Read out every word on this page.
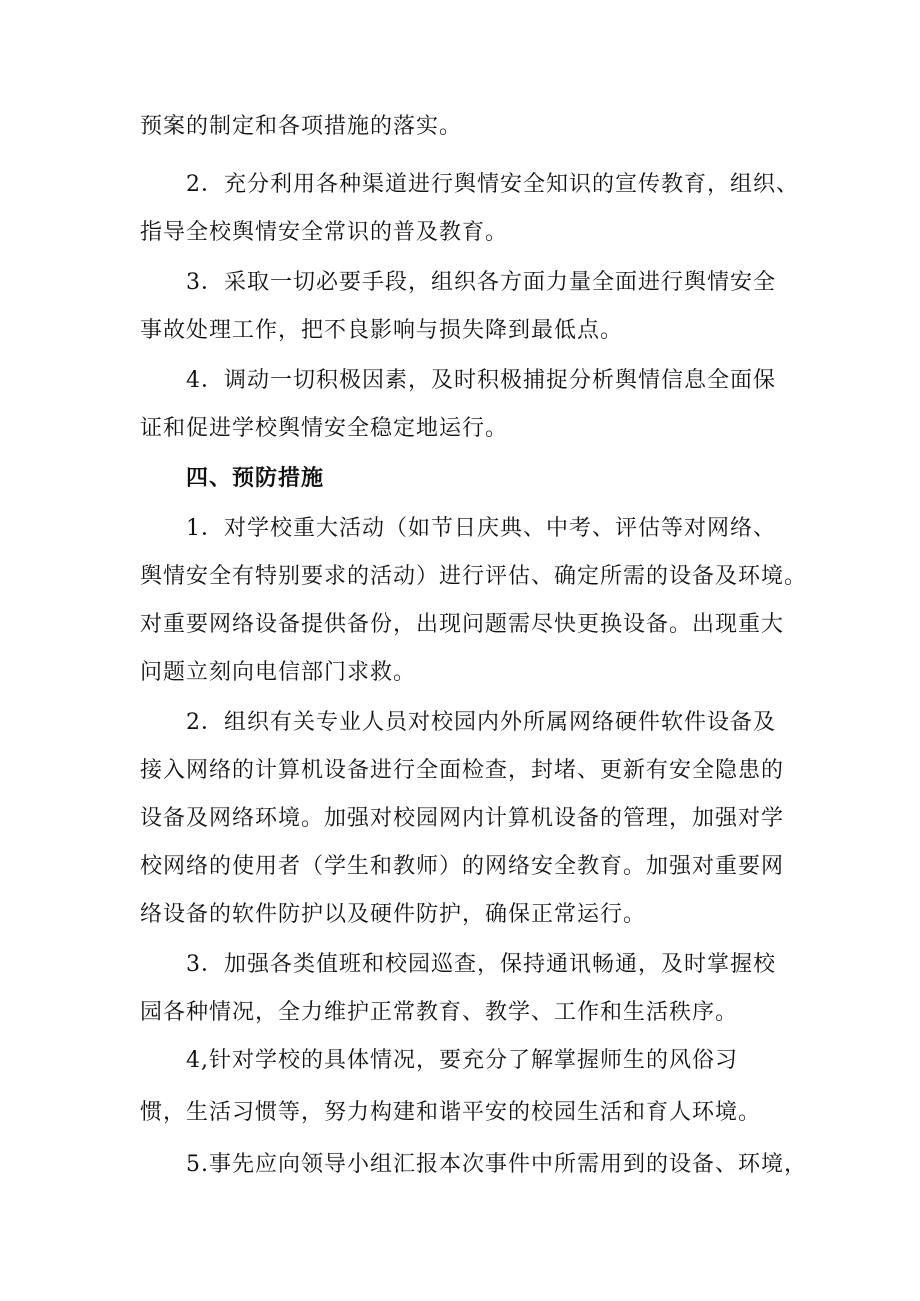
预案的制定和各项措施的落实。
2．充分利用各种渠道进行舆情安全知识的宣传教育，组织、
指导全校舆情安全常识的普及教育。
3．采取一切必要手段，组织各方面力量全面进行舆情安全
事故处理工作，把不良影响与损失降到最低点。
4．调动一切积极因素，及时积极捕捉分析舆情信息全面保
证和促进学校舆情安全稳定地运行。
四、预防措施
1．对学校重大活动（如节日庆典、中考、评估等对网络、
舆情安全有特别要求的活动）进行评估、确定所需的设备及环境。
对重要网络设备提供备份，出现问题需尽快更换设备。出现重大
问题立刻向电信部门求救。
2．组织有关专业人员对校园内外所属网络硬件软件设备及
接入网络的计算机设备进行全面检查，封堵、更新有安全隐患的
设备及网络环境。加强对校园网内计算机设备的管理，加强对学
校网络的使用者（学生和教师）的网络安全教育。加强对重要网
络设备的软件防护以及硬件防护，确保正常运行。
3．加强各类值班和校园巡查，保持通讯畅通，及时掌握校
园各种情况，全力维护正常教育、教学、工作和生活秩序。
4,针对学校的具体情况，要充分了解掌握师生的风俗习
惯，生活习惯等，努力构建和谐平安的校园生活和育人环境。
5.事先应向领导小组汇报本次事件中所需用到的设备、环境，
